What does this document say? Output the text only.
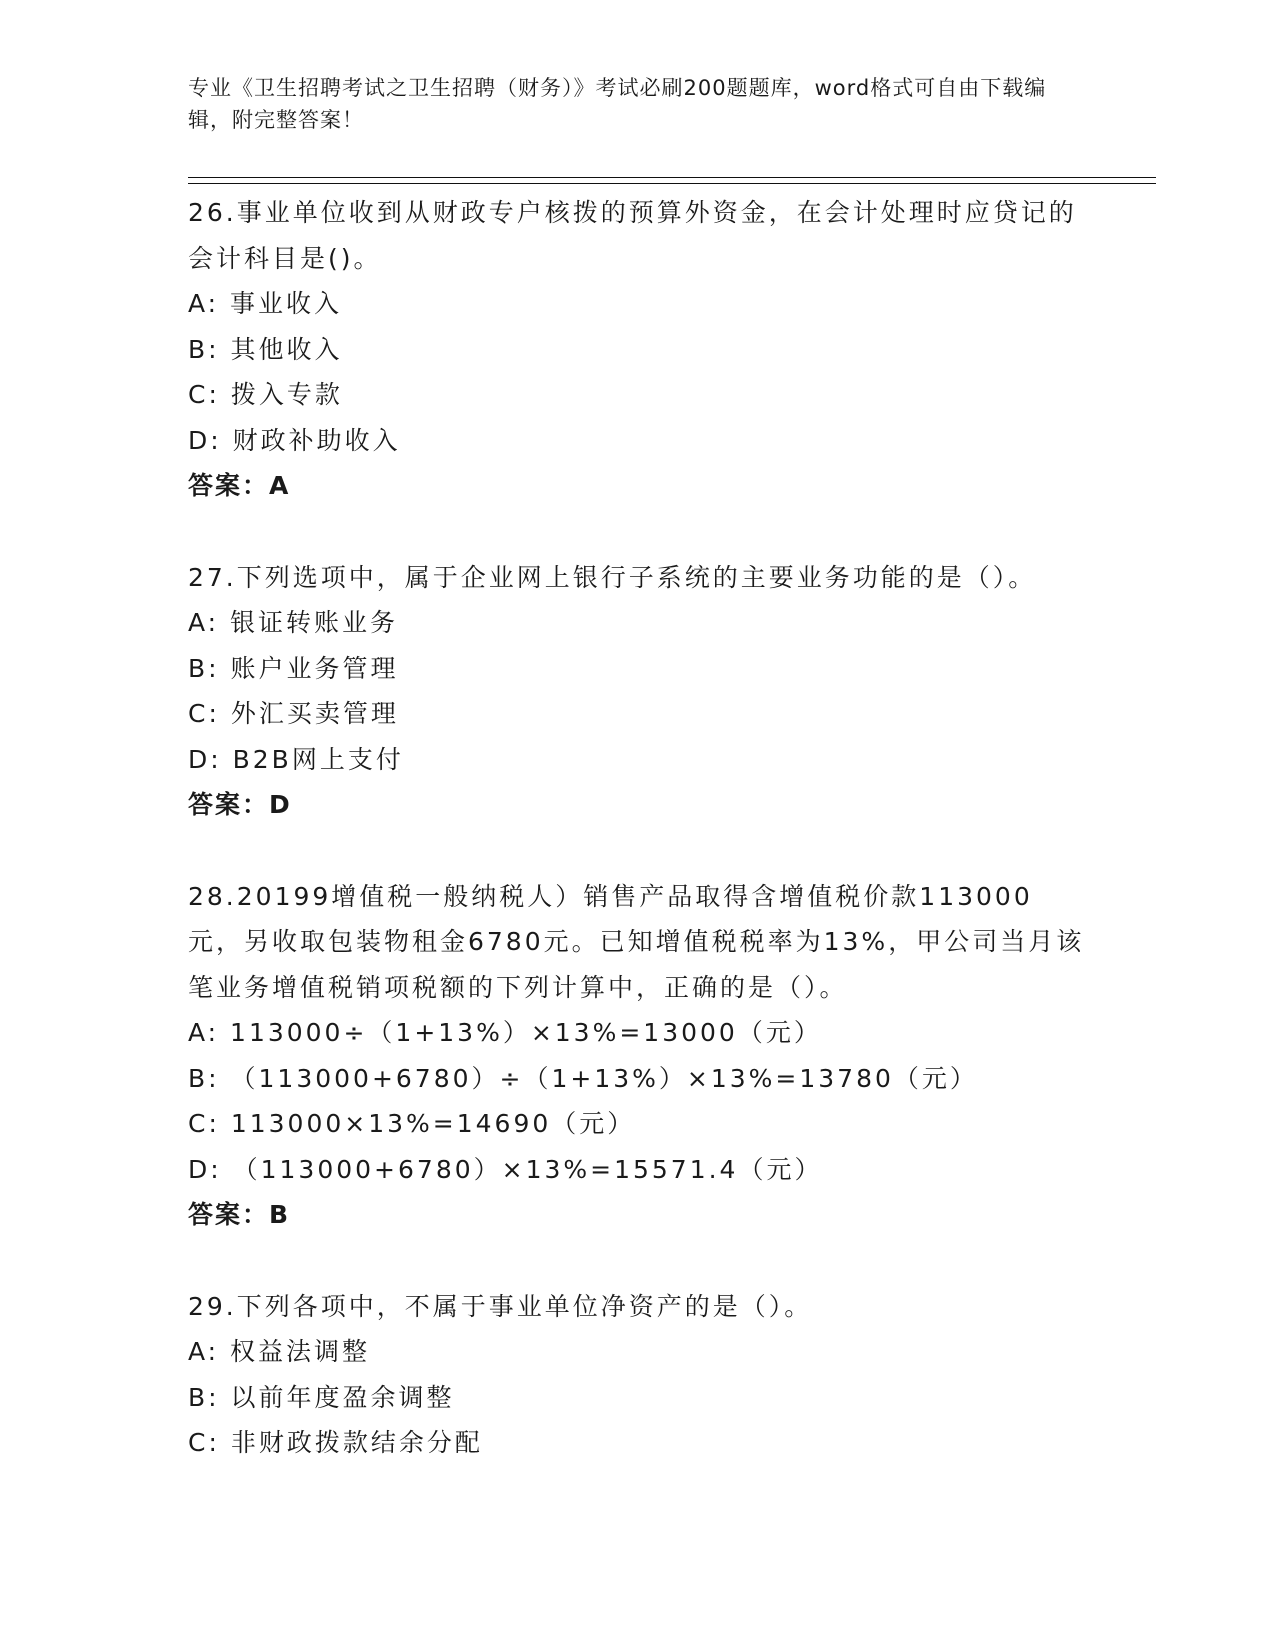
专业《卫生招聘考试之卫生招聘（财务）》考试必刷200题题库，word格式可自由下载编辑，附完整答案！
26.事业单位收到从财政专户核拨的预算外资金，在会计处理时应贷记的会计科目是()。
A: 事业收入
B: 其他收入
C: 拨入专款
D: 财政补助收入
答案：A
27.下列选项中，属于企业网上银行子系统的主要业务功能的是（）。
A: 银证转账业务
B: 账户业务管理
C: 外汇买卖管理
D: B2B网上支付
答案：D
28.20199增值税一般纳税人）销售产品取得含增值税价款113000元，另收取包装物租金6780元。已知增值税税率为13%，甲公司当月该笔业务增值税销项税额的下列计算中，正确的是（）。
A: 113000÷（1+13%）×13%=13000（元）
B: （113000+6780）÷（1+13%）×13%=13780（元）
C: 113000×13%=14690（元）
D: （113000+6780）×13%=15571.4（元）
答案：B
29.下列各项中，不属于事业单位净资产的是（）。
A: 权益法调整
B: 以前年度盈余调整
C: 非财政拨款结余分配
